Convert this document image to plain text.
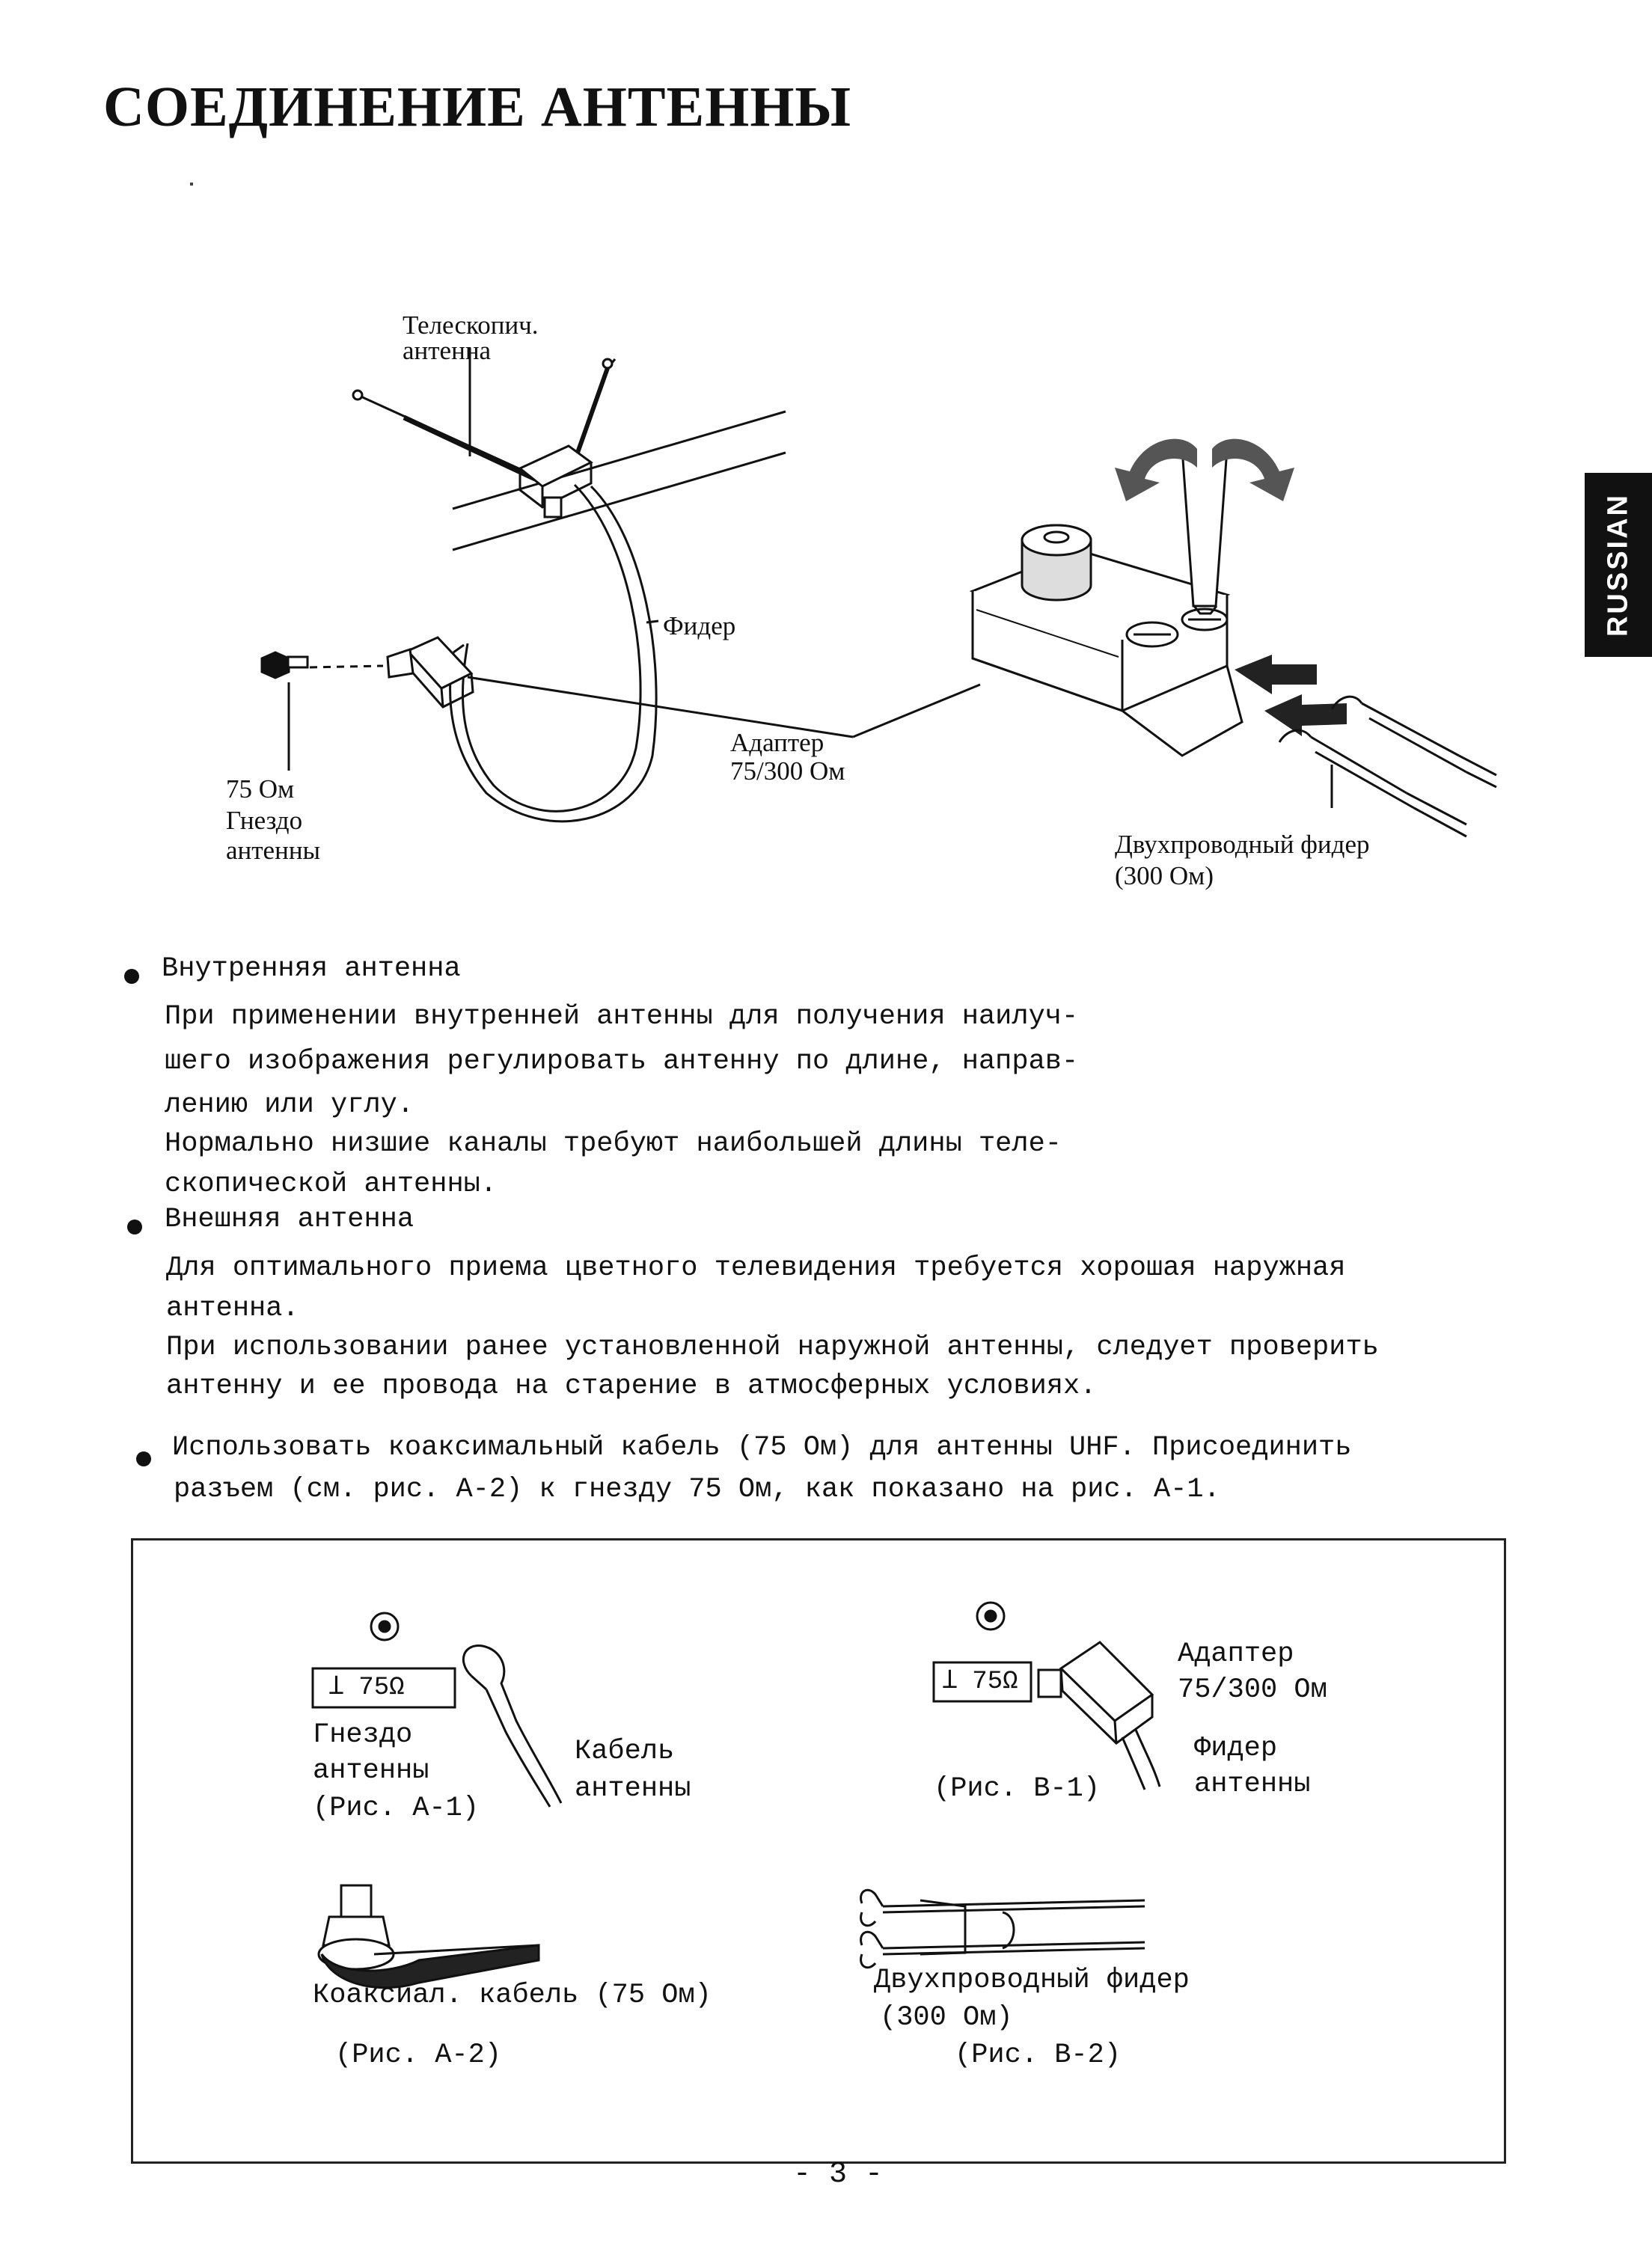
СОЕДИНЕНИЕ АНТЕННЫ
RUSSIAN
Телескопич.
антенна
Фидер
Адаптер
75/300 Ом
75 Ом
Гнездо
антенны	Двухпроводный фидер
(300 Ом)
Внутренняя антенна
При применении внутренней антенны для получения наилуч-
шего изображения регулировать антенну по длине, направ-
лению или углу.
Нормально низшие каналы требуют наибольшей длины теле-
скопической антенны.
Внешняя антенна
Для оптимального приема цветного телевидения требуется хорошая наружная
антенна.
При использовании ранее установленной наружной антенны, следует проверить
антенну и ее провода на старение в атмосферных условиях.
Использовать коаксимальный кабель (75 Ом) для антенны UHF. Присоединить
разъем (см. рис. А-2) к гнезду 75 Ом, как показано на рис. А-1.
Ʇ 75Ω
Гнездо
антенны
(Рис. А-1)
Кабель
антенны
Ʇ 75Ω
Адаптер
75/300 Ом
Фидер
антенны
(Рис. В-1)
Коаксиал. кабель (75 Ом)
(Рис. А-2)
Двухпроводный фидер
(300 Ом)
(Рис. В-2)
- 3 -
